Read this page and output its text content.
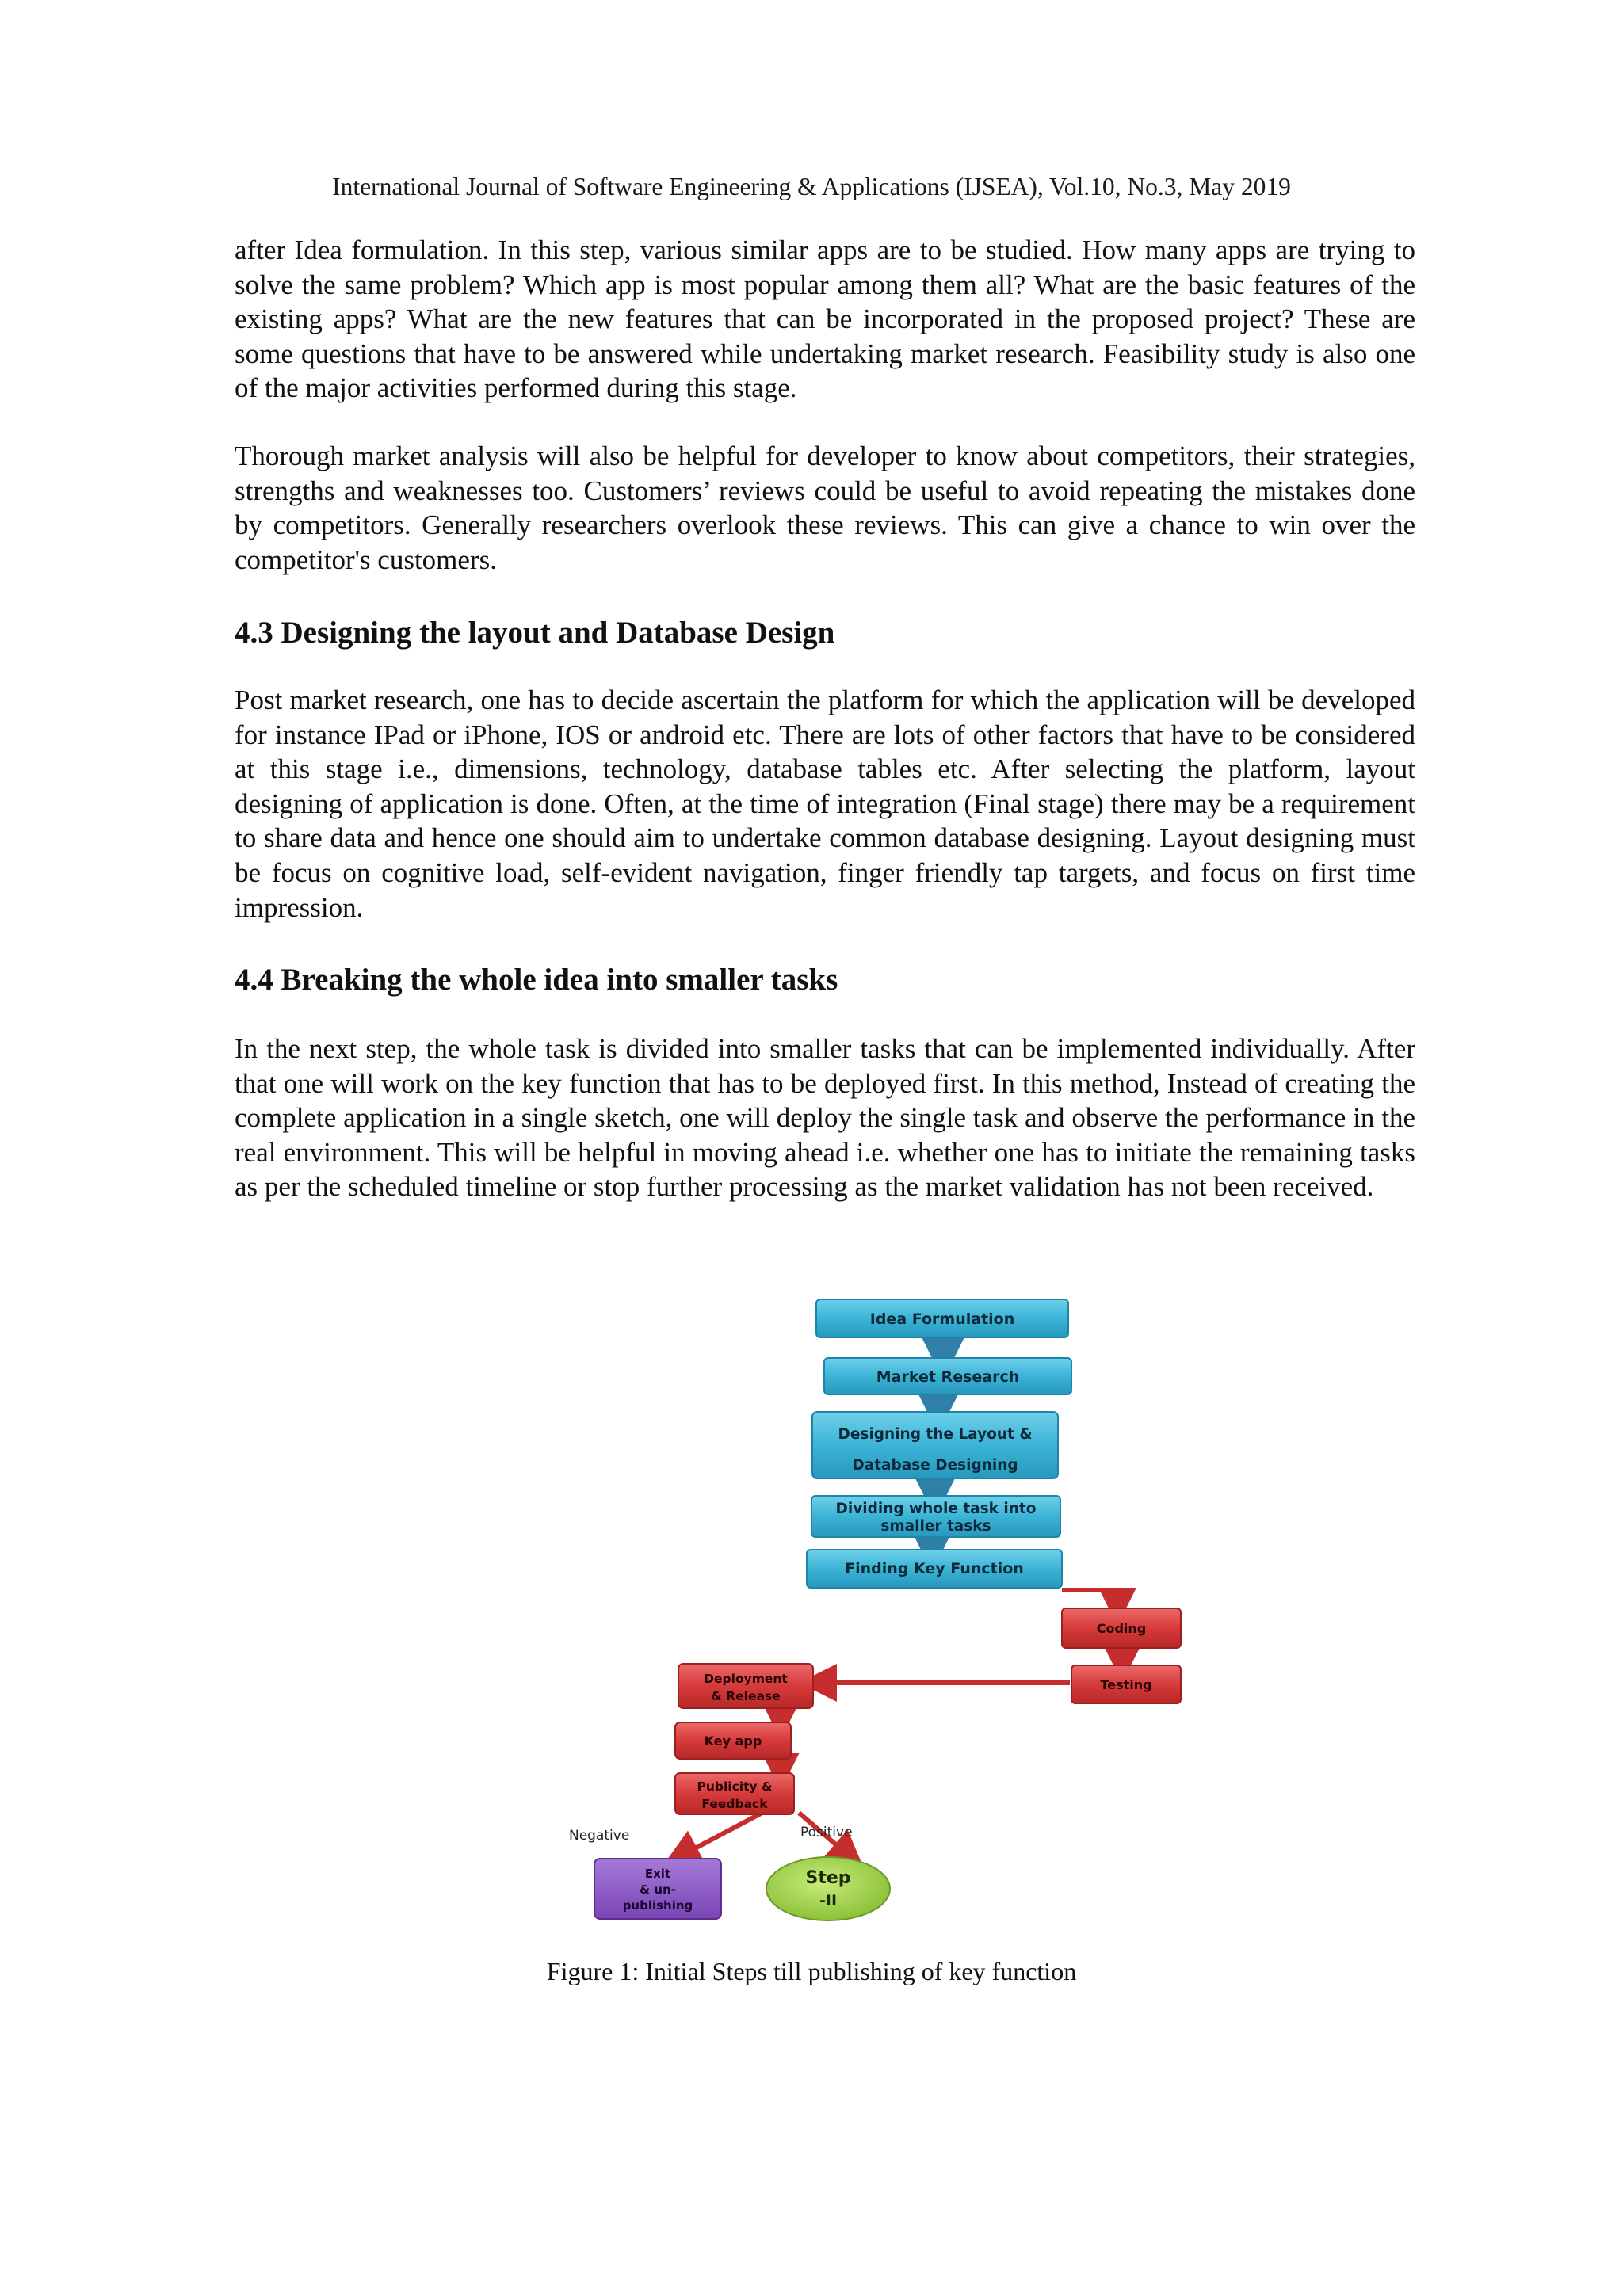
International Journal of Software Engineering & Applications (IJSEA), Vol.10, No.3, May 2019

after Idea formulation. In this step, various similar apps are to be studied. How many apps are trying to solve the same problem? Which app is most popular among them all? What are the basic features of the existing apps? What are the new features that can be incorporated in the proposed project? These are some questions that have to be answered while undertaking market research. Feasibility study is also one of the major activities performed during this stage.

Thorough market analysis will also be helpful for developer to know about competitors, their strategies, strengths and weaknesses too. Customers’ reviews could be useful to avoid repeating the mistakes done by competitors. Generally researchers overlook these reviews. This can give a chance to win over the competitor's customers.

4.3 Designing the layout and Database Design

Post market research, one has to decide ascertain the platform for which the application will be developed for instance IPad or iPhone, IOS or android etc. There are lots of other factors that have to be considered at this stage i.e., dimensions, technology, database tables etc. After selecting the platform, layout designing of application is done. Often, at the time of integration (Final stage) there may be a requirement to share data and hence one should aim to undertake common database designing. Layout designing must be focus on cognitive load, self-evident navigation, finger friendly tap targets, and focus on first time impression.

4.4 Breaking the whole idea into smaller tasks

In the next step, the whole task is divided into smaller tasks that can be implemented individually. After that one will work on the key function that has to be deployed first. In this method, Instead of creating the complete application in a single sketch, one will deploy the single task and observe the performance in the real environment. This will be helpful in moving ahead i.e. whether one has to initiate the remaining tasks as per the scheduled timeline or stop further processing as the market validation has not been received.

Idea Formulation
Market Research
Designing the Layout &
Database Designing
Dividing whole task into
smaller tasks
Finding Key Function
Coding
Testing
Deployment
& Release
Key app
Publicity &
Feedback
Negative	Positive
Exit
& un-
publishing
Step
-II
Figure 1: Initial Steps till publishing of key function
